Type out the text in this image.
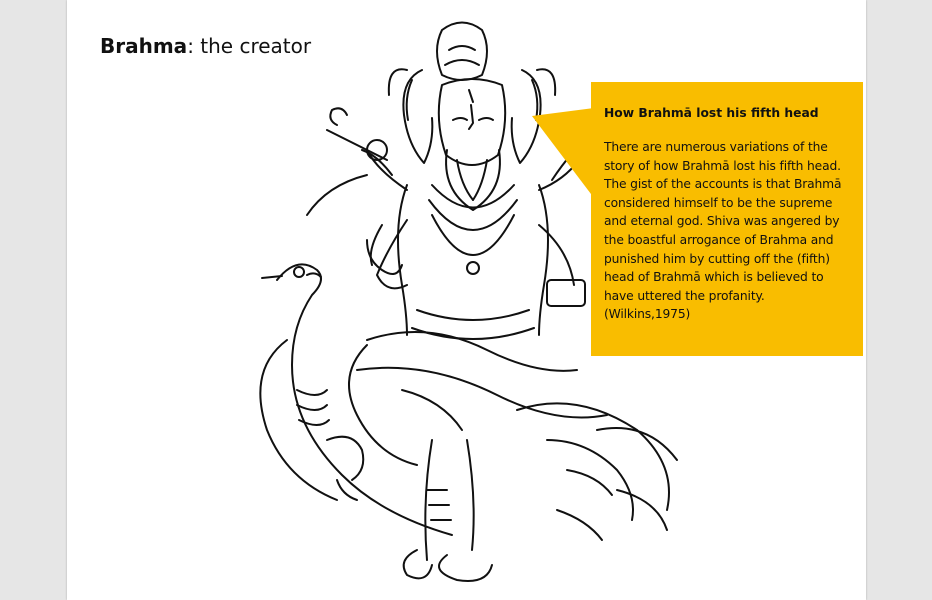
Brahma: the creator
How Brahmā lost his fifth head
There are numerous variations of the
story of how Brahmā lost his fifth head.
The gist of the accounts is that Brahmā
considered himself to be the supreme
and eternal god. Shiva was angered by
the boastful arrogance of Brahma and
punished him by cutting off the (fifth)
head of Brahmā which is believed to
have uttered the profanity.
(Wilkins,1975)
